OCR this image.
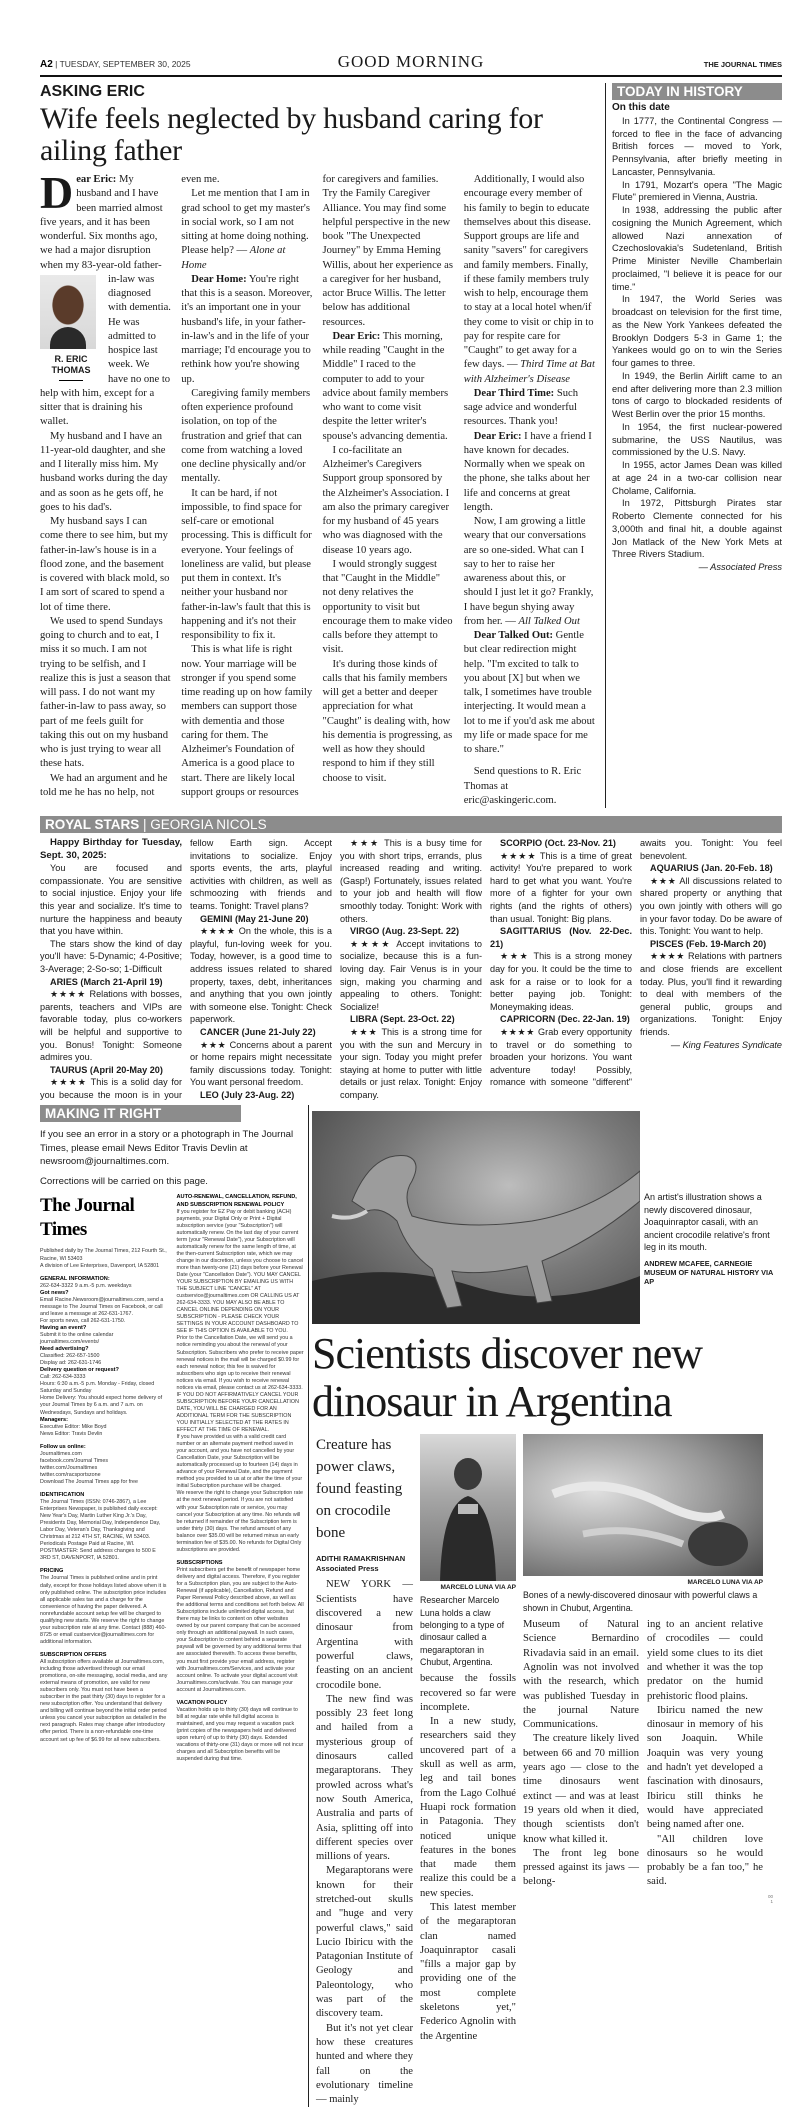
A2 | TUESDAY, SEPTEMBER 30, 2025	GOOD MORNING	THE JOURNAL TIMES
ASKING ERIC
Wife feels neglected by husband caring for ailing father
D
R. ERIC THOMAS

ear Eric: My husband and I have been married almost five years, and it has been wonderful. Six months ago, we had a major disruption when my 83-year-old father-in-law was diagnosed with dementia. He was admitted to hospice last week. We have no one to help with him, except for a sitter that is draining his wallet.

My husband and I have an 11-year-old daughter, and she and I literally miss him. My husband works during the day and as soon as he gets off, he goes to his dad's.

My husband says I can come there to see him, but my father-in-law's house is in a flood zone, and the basement is covered with black mold, so I am sort of scared to spend a lot of time there.

We used to spend Sundays going to church and to eat, I miss it so much. I am not trying to be selfish, and I realize this is just a season that will pass. I do not want my father-in-law to pass away, so part of me feels guilt for taking this out on my husband who is just trying to wear all these hats.

We had an argument and he told me he has no help, not even me.

Let me mention that I am in grad school to get my master's in social work, so I am not sitting at home doing nothing. Please help? — Alone at Home

Dear Home: You're right that this is a season. Moreover, it's an important one in your husband's life, in your father-in-law's and in the life of your marriage; I'd encourage you to rethink how you're showing up.

Caregiving family members often experience profound isolation, on top of the frustration and grief that can come from watching a loved one decline physically and/or mentally.

It can be hard, if not impossible, to find space for self-care or emotional processing. This is difficult for everyone. Your feelings of loneliness are valid, but please put them in context. It's neither your husband nor father-in-law's fault that this is happening and it's not their responsibility to fix it.

This is what life is right now. Your marriage will be stronger if you spend some time reading up on how family members can support those with dementia and those caring for them. The Alzheimer's Foundation of America is a good place to start. There are likely local support groups or resources for caregivers and families. Try the Family Caregiver Alliance. You may find some helpful perspective in the new book "The Unexpected Journey" by Emma Heming Willis, about her experience as a caregiver for her husband, actor Bruce Willis. The letter below has additional resources.

Dear Eric: This morning, while reading "Caught in the Middle" I raced to the computer to add to your advice about family members who want to come visit despite the letter writer's spouse's advancing dementia.

I co-facilitate an Alzheimer's Caregivers Support group sponsored by the Alzheimer's Association. I am also the primary caregiver for my husband of 45 years who was diagnosed with the disease 10 years ago.

I would strongly suggest that "Caught in the Middle" not deny relatives the opportunity to visit but encourage them to make video calls before they attempt to visit.

It's during those kinds of calls that his family members will get a better and deeper appreciation for what "Caught" is dealing with, how his dementia is progressing, as well as how they should respond to him if they still choose to visit.

Additionally, I would also encourage every member of his family to begin to educate themselves about this disease. Support groups are life and sanity "savers" for caregivers and family members. Finally, if these family members truly wish to help, encourage them to stay at a local hotel when/if they come to visit or chip in to pay for respite care for "Caught" to get away for a few days. — Third Time at Bat with Alzheimer's Disease

Dear Third Time: Such sage advice and wonderful resources. Thank you!

Dear Eric: I have a friend I have known for decades. Normally when we speak on the phone, she talks about her life and concerns at great length.

Now, I am growing a little weary that our conversations are so one-sided. What can I say to her to raise her awareness about this, or should I just let it go? Frankly, I have begun shying away from her. — All Talked Out

Dear Talked Out: Gentle but clear redirection might help. "I'm excited to talk to you about [X] but when we talk, I sometimes have trouble interjecting. It would mean a lot to me if you'd ask me about my life or made space for me to share."

Send questions to R. Eric Thomas at eric@askingeric.com.

TODAY IN HISTORY

On this date

In 1777, the Continental Congress — forced to flee in the face of advancing British forces — moved to York, Pennsylvania, after briefly meeting in Lancaster, Pennsylvania.

In 1791, Mozart's opera "The Magic Flute" premiered in Vienna, Austria.

In 1938, addressing the public after cosigning the Munich Agreement, which allowed Nazi annexation of Czechoslovakia's Sudetenland, British Prime Minister Neville Chamberlain proclaimed, "I believe it is peace for our time."

In 1947, the World Series was broadcast on television for the first time, as the New York Yankees defeated the Brooklyn Dodgers 5-3 in Game 1; the Yankees would go on to win the Series four games to three.

In 1949, the Berlin Airlift came to an end after delivering more than 2.3 million tons of cargo to blockaded residents of West Berlin over the prior 15 months.

In 1954, the first nuclear-powered submarine, the USS Nautilus, was commissioned by the U.S. Navy.

In 1955, actor James Dean was killed at age 24 in a two-car collision near Cholame, California.

In 1972, Pittsburgh Pirates star Roberto Clemente connected for his 3,000th and final hit, a double against Jon Matlack of the New York Mets at Three Rivers Stadium.

— Associated Press

ROYAL STARS | GEORGIA NICOLS

Happy Birthday for Tuesday, Sept. 30, 2025:

You are focused and compassionate. You are sensitive to social injustice. Enjoy your life this year and socialize. It's time to nurture the happiness and beauty that you have within.

The stars show the kind of day you'll have: 5-Dynamic; 4-Positive; 3-Average; 2-So-so; 1-Difficult

ARIES (March 21-April 19)

★★★★ Relations with bosses, parents, teachers and VIPs are favorable today, plus co-workers will be helpful and supportive to you. Bonus! Tonight: Someone admires you.

TAURUS (April 20-May 20)

★★★★ This is a solid day for you because the moon is in your fellow Earth sign. Accept invitations to socialize. Enjoy sports events, the arts, playful activities with children, as well as schmoozing with friends and teams. Tonight: Travel plans?

GEMINI (May 21-June 20)

★★★★ On the whole, this is a playful, fun-loving week for you. Today, however, is a good time to address issues related to shared property, taxes, debt, inheritances and anything that you own jointly with someone else. Tonight: Check paperwork.

CANCER (June 21-July 22)

★★★ Concerns about a parent or home repairs might necessitate family discussions today. Tonight: You want personal freedom.

LEO (July 23-Aug. 22)

★★★ This is a busy time for you with short trips, errands, plus increased reading and writing. (Gasp!) Fortunately, issues related to your job and health will flow smoothly today. Tonight: Work with others.

VIRGO (Aug. 23-Sept. 22)

★★★★ Accept invitations to socialize, because this is a fun-loving day. Fair Venus is in your sign, making you charming and appealing to others. Tonight: Socialize!

LIBRA (Sept. 23-Oct. 22)

★★★ This is a strong time for you with the sun and Mercury in your sign. Today you might prefer staying at home to putter with little details or just relax. Tonight: Enjoy company.

SCORPIO (Oct. 23-Nov. 21)

★★★★ This is a time of great activity! You're prepared to work hard to get what you want. You're more of a fighter for your own rights (and the rights of others) than usual. Tonight: Big plans.

SAGITTARIUS (Nov. 22-Dec. 21)

★★★ This is a strong money day for you. It could be the time to ask for a raise or to look for a better paying job. Tonight: Moneymaking ideas.

CAPRICORN (Dec. 22-Jan. 19)

★★★★ Grab every opportunity to travel or do something to broaden your horizons. You want adventure today! Possibly, romance with someone "different" awaits you. Tonight: You feel benevolent.

AQUARIUS (Jan. 20-Feb. 18)

★★★ All discussions related to shared property or anything that you own jointly with others will go in your favor today. Do be aware of this. Tonight: You want to help.

PISCES (Feb. 19-March 20)

★★★★ Relations with partners and close friends are excellent today. Plus, you'll find it rewarding to deal with members of the general public, groups and organizations. Tonight: Enjoy friends.

— King Features Syndicate

MAKING IT RIGHT

If you see an error in a story or a photograph in The Journal Times, please email News Editor Travis Devlin at newsroom@journaltimes.com.

Corrections will be carried on this page.

The Journal Times

Published daily by The Journal Times, 212 Fourth St., Racine, WI 53403

A division of Lee Enterprises, Davenport, IA 52801

GENERAL INFORMATION:

262-634-3322 9 a.m.-5 p.m. weekdays

Got news?

Email Racine.Newsroom@journaltimes.com, send a message to The Journal Times on Facebook, or call and leave a message at 262-631-1767.

For sports news, call 262-631-1750.

Having an event?

Submit it to the online calendar journaltimes.com/events/

Need advertising?

Classified: 262-657-1500

Display ad: 262-631-1746

Delivery question or request?

Call: 262-634-3333

Hours: 6:30 a.m.-5 p.m. Monday - Friday, closed Saturday and Sunday

Home Delivery: You should expect home delivery of your Journal Times by 6 a.m. and 7 a.m. on Wednesdays, Sundays and holidays.

Managers:

Executive Editor: Mike Boyd

News Editor: Travis Devlin

Follow us online:

Journaltimes.com

facebook.com/Journal Times

twitter.com/Journaltimes

twitter.com/racsportszone

Download The Journal Times app for free

IDENTIFICATION

The Journal Times (ISSN: 0746-2867), a Lee Enterprises Newspaper, is published daily except: New Year's Day, Martin Luther King Jr.'s Day, Presidents Day, Memorial Day, Independence Day, Labor Day, Veteran's Day, Thanksgiving and Christmas at 212 4TH ST, RACINE, WI 53403. Periodicals Postage Paid at Racine, WI. POSTMASTER: Send address changes to 500 E 3RD ST, DAVENPORT, IA 52801.

PRICING

The Journal Times is published online and in print daily, except for those holidays listed above when it is only published online. The subscription price includes all applicable sales tax and a charge for the convenience of having the paper delivered. A nonrefundable account setup fee will be charged to qualifying new starts. We reserve the right to change your subscription rate at any time. Contact (888) 460-8725 or email custservice@journaltimes.com for additional information.

SUBSCRIPTION OFFERS

All subscription offers available at Journaltimes.com, including those advertised through our email promotions, on-site messaging, social media, and any external means of promotion, are valid for new subscribers only. You must not have been a subscriber in the past thirty (30) days to register for a new subscription offer. You understand that delivery and billing will continue beyond the initial order period unless you cancel your subscription as detailed in the next paragraph. Rates may change after introductory offer period. There is a non-refundable one-time account set up fee of $6.99 for all new subscribers.

AUTO-RENEWAL, CANCELLATION, REFUND, AND SUBSCRIPTION RENEWAL POLICY

If you register for EZ Pay or debit banking (ACH) payments, your Digital Only or Print + Digital subscription service (your "Subscription") will automatically renew. On the last day of your current term (your "Renewal Date"), your Subscription will automatically renew for the same length of time, at the then-current Subscription rate, which we may change in our discretion, unless you choose to cancel more than twenty-one (21) days before your Renewal Date (your "Cancellation Date"). YOU MAY CANCEL YOUR SUBSCRIPTION BY EMAILING US WITH THE SUBJECT LINE "CANCEL" AT custservice@journaltimes.com OR CALLING US AT 262-634-3333. YOU MAY ALSO BE ABLE TO CANCEL ONLINE DEPENDING ON YOUR SUBSCRIPTION - PLEASE CHECK YOUR SETTINGS IN YOUR ACCOUNT DASHBOARD TO SEE IF THIS OPTION IS AVAILABLE TO YOU.

Prior to the Cancellation Date, we will send you a notice reminding you about the renewal of your Subscription. Subscribers who prefer to receive paper renewal notices in the mail will be charged $0.99 for each renewal notice; this fee is waived for subscribers who sign up to receive their renewal notices via email. If you wish to receive renewal notices via email, please contact us at 262-634-3333. IF YOU DO NOT AFFIRMATIVELY CANCEL YOUR SUBSCRIPTION BEFORE YOUR CANCELLATION DATE, YOU WILL BE CHARGED FOR AN ADDITIONAL TERM FOR THE SUBSCRIPTION YOU INITIALLY SELECTED AT THE RATES IN EFFECT AT THE TIME OF RENEWAL.

If you have provided us with a valid credit card number or an alternate payment method saved in your account, and you have not cancelled by your Cancellation Date, your Subscription will be automatically processed up to fourteen (14) days in advance of your Renewal Date, and the payment method you provided to us at or after the time of your initial Subscription purchase will be charged.

We reserve the right to change your Subscription rate at the next renewal period. If you are not satisfied with your Subscription rate or service, you may cancel your Subscription at any time. No refunds will be returned if remainder of the Subscription term is under thirty (30) days. The refund amount of any balance over $35.00 will be returned minus an early termination fee of $35.00. No refunds for Digital Only subscriptions are provided.

SUBSCRIPTIONS

Print subscribers get the benefit of newspaper home delivery and digital access. Therefore, if you register for a Subscription plan, you are subject to the Auto-Renewal (if applicable), Cancellation, Refund and Paper Renewal Policy described above, as well as the additional terms and conditions set forth below. All Subscriptions include unlimited digital access, but there may be links to content on other websites owned by our parent company that can be accessed only through an additional paywall. In such cases, your Subscription to content behind a separate paywall will be governed by any additional terms that are associated therewith. To access these benefits, you must first provide your email address, register with Journaltimes.com/Services, and activate your account online. To activate your digital account visit Journaltimes.com/activate. You can manage your account at Journaltimes.com.

VACATION POLICY

Vacation holds up to thirty (30) days will continue to bill at regular rate while full digital access is maintained, and you may request a vacation pack (print copies of the newspapers held and delivered upon return) of up to thirty (30) days. Extended vacations of thirty-one (31) days or more will not incur charges and all Subscription benefits will be suspended during that time.

An artist's illustration shows a newly discovered dinosaur, Joaquinraptor casali, with an ancient crocodile relative's front leg in its mouth.
ANDREW MCAFEE, CARNEGIE MUSEUM OF NATURAL HISTORY VIA AP
Scientists discover new dinosaur in Argentina
Creature has power claws, found feasting on crocodile bone
ADITHI RAMAKRISHNAN
Associated Press

NEW YORK — Scientists have discovered a new dinosaur from Argentina with powerful claws, feasting on an ancient crocodile bone.

The new find was possibly 23 feet long and hailed from a mysterious group of dinosaurs called megaraptorans. They prowled across what's now South America, Australia and parts of Asia, splitting off into different species over millions of years.

Megaraptorans were known for their stretched-out skulls and "huge and very powerful claws," said Lucio Ibiricu with the Patagonian Institute of Geology and Paleontology, who was part of the discovery team.

But it's not yet clear how these creatures hunted and where they fall on the evolutionary timeline — mainly

MARCELO LUNA VIA AP
Researcher Marcelo Luna holds a claw belonging to a type of dinosaur called a megaraptoran in Chubut, Argentina.

because the fossils recovered so far were incomplete.

In a new study, researchers said they uncovered part of a skull as well as arm, leg and tail bones from the Lago Colhué Huapi rock formation in Patagonia. They noticed unique features in the bones that made them realize this could be a new species.

This latest member of the megaraptoran clan named Joaquinraptor casali "fills a major gap by providing one of the most complete skeletons yet," Federico Agnolin with the Argentine

MARCELO LUNA VIA AP
Bones of a newly-discovered dinosaur with powerful claws a shown in Chubut, Argentina.

Museum of Natural Science Bernardino Rivadavia said in an email. Agnolin was not involved with the research, which was published Tuesday in the journal Nature Communications.

The creature likely lived between 66 and 70 million years ago — close to the time dinosaurs went extinct — and was at least 19 years old when it died, though scientists don't know what killed it.

The front leg bone pressed against its jaws — belong-

ing to an ancient relative of crocodiles — could yield some clues to its diet and whether it was the top predator on the humid prehistoric flood plains.

Ibiricu named the new dinosaur in memory of his son Joaquin. While Joaquin was very young and hadn't yet developed a fascination with dinosaurs, Ibiricu still thinks he would have appreciated being named after one.

"All children love dinosaurs so he would probably be a fan too," he said.

00
1
